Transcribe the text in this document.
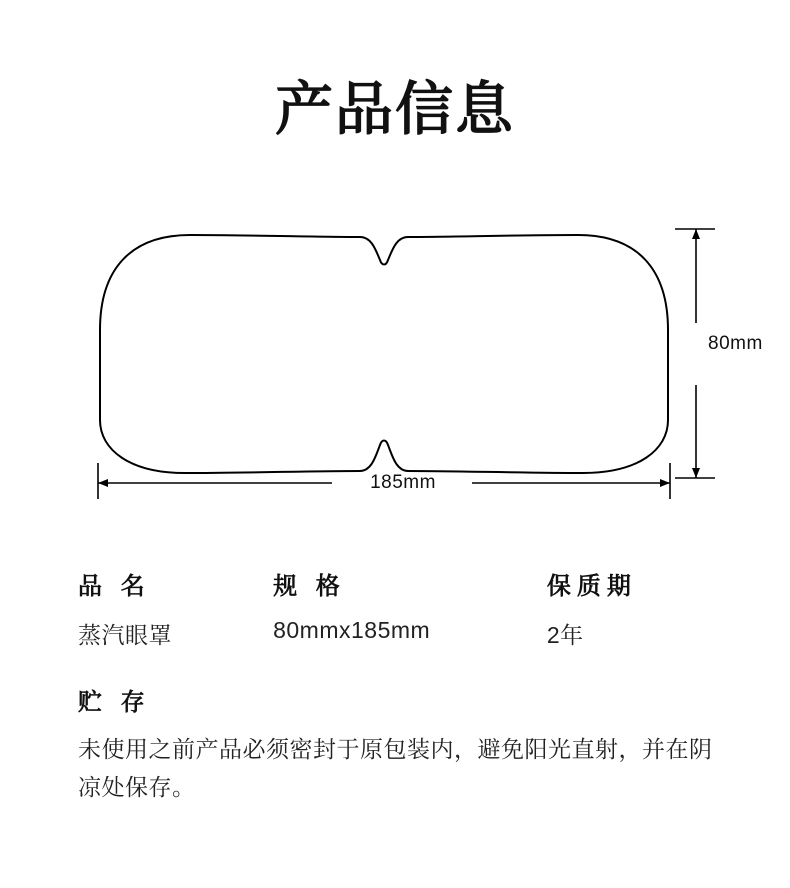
产品信息
80mm
185mm
品 名	规 格	保质期
蒸汽眼罩	80mmx185mm	2年
贮 存
未使用之前产品必须密封于原包装内，避免阳光直射，并在阴凉处保存。
